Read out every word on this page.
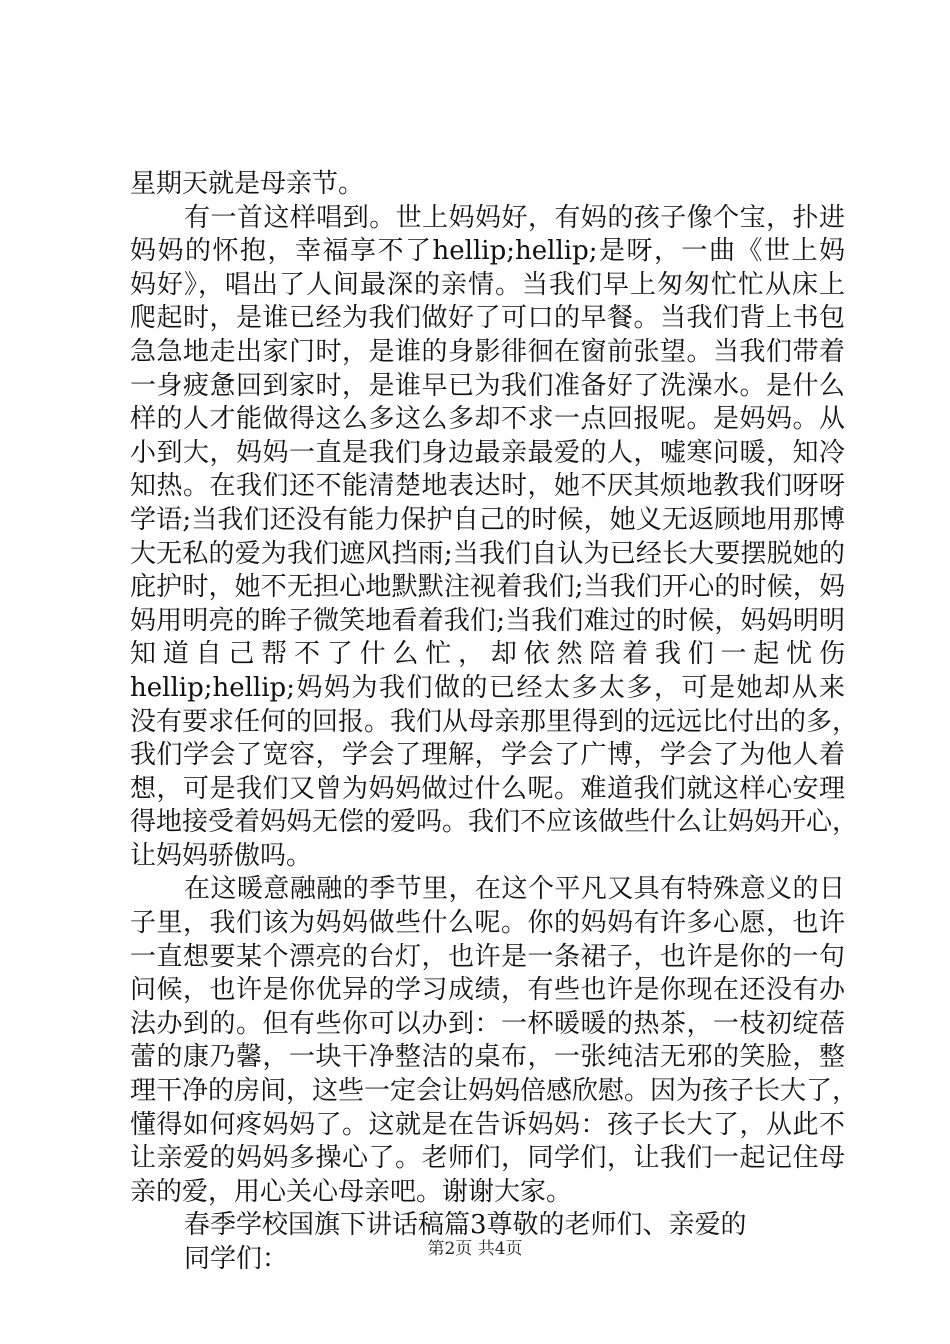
星期天就是母亲节。
有一首这样唱到。世上妈妈好，有妈的孩子像个宝，扑进
妈妈的怀抱，幸福享不了hellip;hellip;是呀，一曲《世上妈
妈好》，唱出了人间最深的亲情。当我们早上匆匆忙忙从床上
爬起时，是谁已经为我们做好了可口的早餐。当我们背上书包
急急地走出家门时，是谁的身影徘徊在窗前张望。当我们带着
一身疲惫回到家时，是谁早已为我们准备好了洗澡水。是什么
样的人才能做得这么多这么多却不求一点回报呢。是妈妈。从
小到大，妈妈一直是我们身边最亲最爱的人，嘘寒问暖，知冷
知热。在我们还不能清楚地表达时，她不厌其烦地教我们呀呀
学语;当我们还没有能力保护自己的时候，她义无返顾地用那博
大无私的爱为我们遮风挡雨;当我们自认为已经长大要摆脱她的
庇护时，她不无担心地默默注视着我们;当我们开心的时候，妈
妈用明亮的眸子微笑地看着我们;当我们难过的时候，妈妈明明
知道自己帮不了什么忙，却依然陪着我们一起忧伤
hellip;hellip;妈妈为我们做的已经太多太多，可是她却从来
没有要求任何的回报。我们从母亲那里得到的远远比付出的多，
我们学会了宽容，学会了理解，学会了广博，学会了为他人着
想，可是我们又曾为妈妈做过什么呢。难道我们就这样心安理
得地接受着妈妈无偿的爱吗。我们不应该做些什么让妈妈开心，
让妈妈骄傲吗。
在这暖意融融的季节里，在这个平凡又具有特殊意义的日
子里，我们该为妈妈做些什么呢。你的妈妈有许多心愿，也许
一直想要某个漂亮的台灯，也许是一条裙子，也许是你的一句
问候，也许是你优异的学习成绩，有些也许是你现在还没有办
法办到的。但有些你可以办到：一杯暖暖的热茶，一枝初绽蓓
蕾的康乃馨，一块干净整洁的桌布，一张纯洁无邪的笑脸，整
理干净的房间，这些一定会让妈妈倍感欣慰。因为孩子长大了，
懂得如何疼妈妈了。这就是在告诉妈妈：孩子长大了，从此不
让亲爱的妈妈多操心了。老师们，同学们，让我们一起记住母
亲的爱，用心关心母亲吧。谢谢大家。
春季学校国旗下讲话稿篇3尊敬的老师们、亲爱的
同学们：	第2页 共4页
